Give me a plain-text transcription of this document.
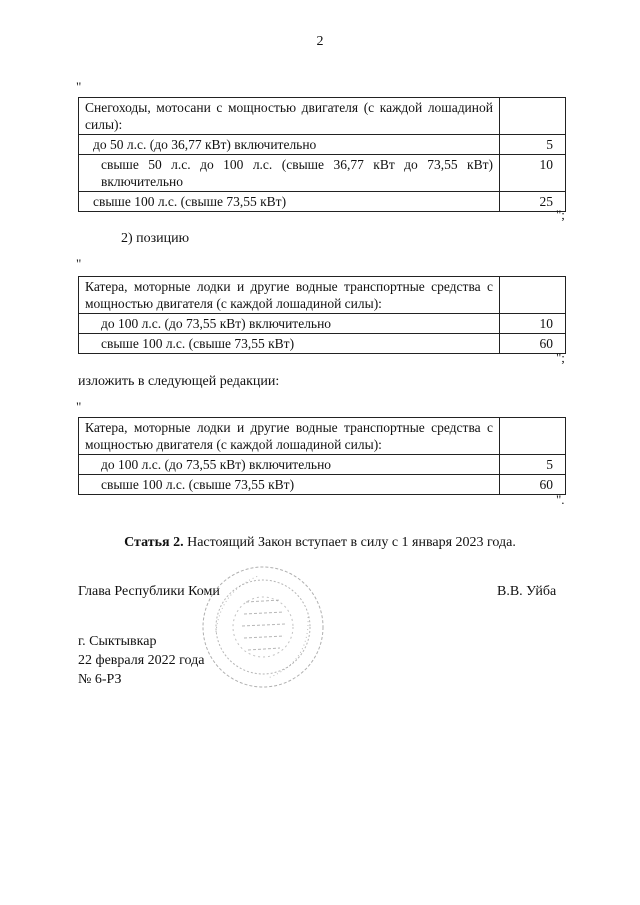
2
"
Снегоходы, мотосани с мощностью двигателя (с каждой лошадиной силы):	
до 50 л.с. (до 36,77 кВт) включительно	5
свыше 50 л.с. до 100 л.с. (свыше 36,77 кВт до 73,55 кВт) включительно	10
свыше 100 л.с. (свыше 73,55 кВт)	25
";
2) позицию
"
Катера, моторные лодки и другие водные транспортные средства с мощностью двигателя (с каждой лошадиной силы):	
до 100 л.с. (до 73,55 кВт) включительно	10
свыше 100 л.с. (свыше 73,55 кВт)	60
";
изложить в следующей редакции:
"
Катера, моторные лодки и другие водные транспортные средства с мощностью двигателя (с каждой лошадиной силы):	
до 100 л.с. (до 73,55 кВт) включительно	5
свыше 100 л.с. (свыше 73,55 кВт)	60
".
Статья 2. Настоящий Закон вступает в силу с 1 января 2023 года.
Глава Республики Коми	В.В. Уйба
г. Сыктывкар
22 февраля 2022 года
№ 6-РЗ
